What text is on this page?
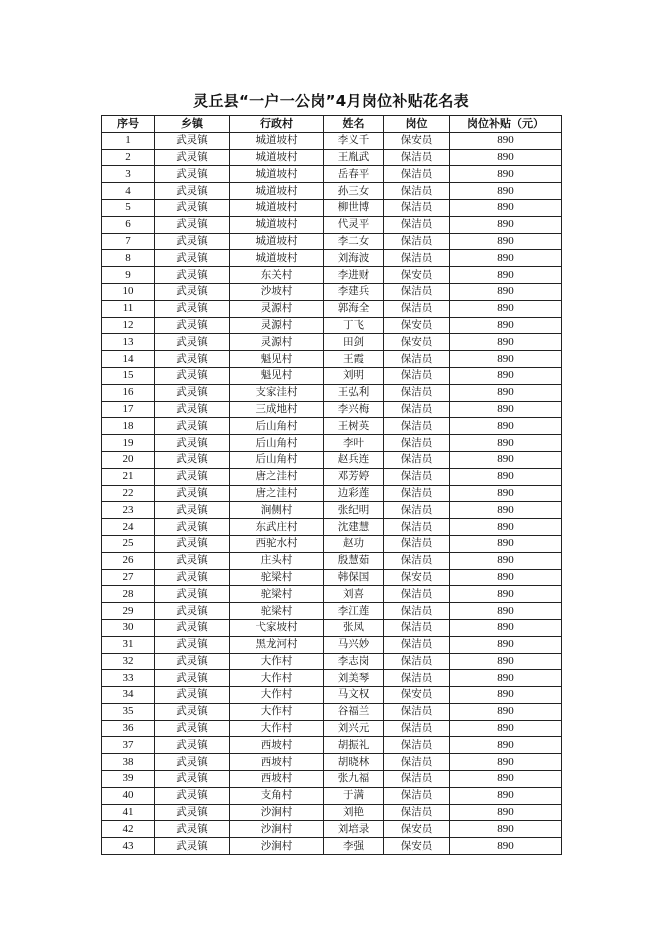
灵丘县“一户一公岗”4月岗位补贴花名表
序号	乡镇	行政村	姓名	岗位	岗位补贴（元）
1	武灵镇	城道坡村	李义千	保安员	890
2	武灵镇	城道坡村	王胤武	保洁员	890
3	武灵镇	城道坡村	岳春平	保洁员	890
4	武灵镇	城道坡村	孙三女	保洁员	890
5	武灵镇	城道坡村	柳世博	保洁员	890
6	武灵镇	城道坡村	代灵平	保洁员	890
7	武灵镇	城道坡村	李二女	保洁员	890
8	武灵镇	城道坡村	刘海波	保洁员	890
9	武灵镇	东关村	李进财	保安员	890
10	武灵镇	沙坡村	李建兵	保洁员	890
11	武灵镇	灵源村	郭海全	保洁员	890
12	武灵镇	灵源村	丁飞	保安员	890
13	武灵镇	灵源村	田剑	保安员	890
14	武灵镇	魁见村	王霞	保洁员	890
15	武灵镇	魁见村	刘明	保洁员	890
16	武灵镇	支家洼村	王弘利	保洁员	890
17	武灵镇	三成地村	李兴梅	保洁员	890
18	武灵镇	后山角村	王树英	保洁员	890
19	武灵镇	后山角村	李叶	保洁员	890
20	武灵镇	后山角村	赵兵连	保洁员	890
21	武灵镇	唐之洼村	邓芳婷	保洁员	890
22	武灵镇	唐之洼村	边彩莲	保洁员	890
23	武灵镇	涧侧村	张纪明	保洁员	890
24	武灵镇	东武庄村	沈建慧	保洁员	890
25	武灵镇	西驼水村	赵功	保洁员	890
26	武灵镇	庄头村	殷慧茹	保洁员	890
27	武灵镇	驼梁村	韩保国	保安员	890
28	武灵镇	驼梁村	刘喜	保洁员	890
29	武灵镇	驼梁村	李江莲	保洁员	890
30	武灵镇	弋家坡村	张凤	保洁员	890
31	武灵镇	黑龙河村	马兴妙	保洁员	890
32	武灵镇	大作村	李志岗	保洁员	890
33	武灵镇	大作村	刘美琴	保洁员	890
34	武灵镇	大作村	马文权	保安员	890
35	武灵镇	大作村	谷福兰	保洁员	890
36	武灵镇	大作村	刘兴元	保洁员	890
37	武灵镇	西坡村	胡振礼	保洁员	890
38	武灵镇	西坡村	胡晓林	保洁员	890
39	武灵镇	西坡村	张九福	保洁员	890
40	武灵镇	支角村	于满	保洁员	890
41	武灵镇	沙涧村	刘艳	保洁员	890
42	武灵镇	沙涧村	刘培录	保安员	890
43	武灵镇	沙涧村	李强	保安员	890
